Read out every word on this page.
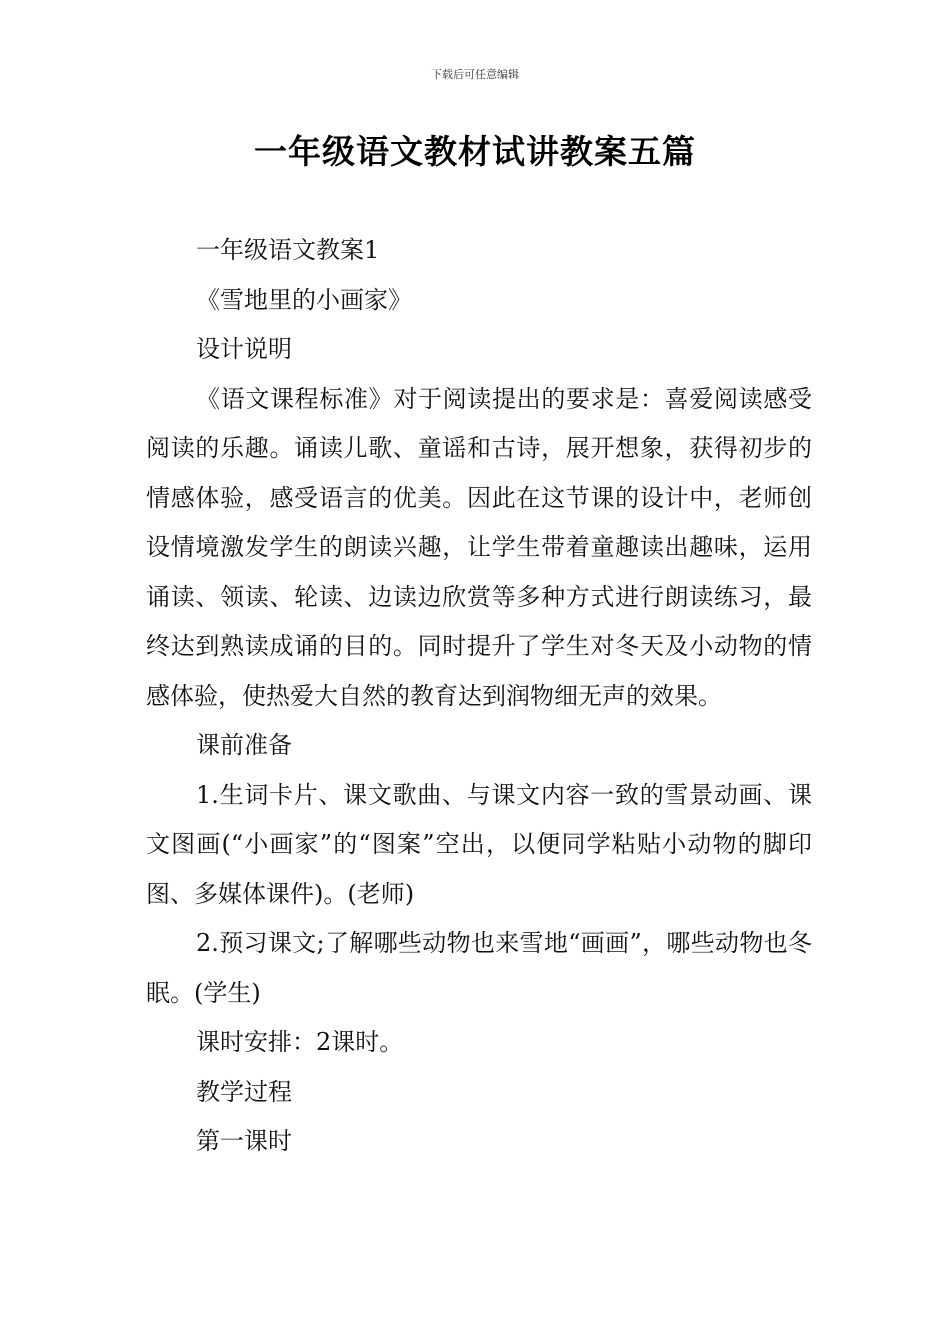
下载后可任意编辑
一年级语文教材试讲教案五篇

一年级语文教案1

《雪地里的小画家》

设计说明

《语文课程标准》对于阅读提出的要求是：喜爱阅读感受阅读的乐趣。诵读儿歌、童谣和古诗，展开想象，获得初步的情感体验，感受语言的优美。因此在这节课的设计中，老师创设情境激发学生的朗读兴趣，让学生带着童趣读出趣味，运用诵读、领读、轮读、边读边欣赏等多种方式进行朗读练习，最终达到熟读成诵的目的。同时提升了学生对冬天及小动物的情感体验，使热爱大自然的教育达到润物细无声的效果。

课前准备

1.生词卡片、课文歌曲、与课文内容一致的雪景动画、课文图画(“小画家”的“图案”空出，以便同学粘贴小动物的脚印图、多媒体课件)。(老师)

2.预习课文;了解哪些动物也来雪地“画画”，哪些动物也冬眠。(学生)

课时安排：2课时。

教学过程

第一课时
